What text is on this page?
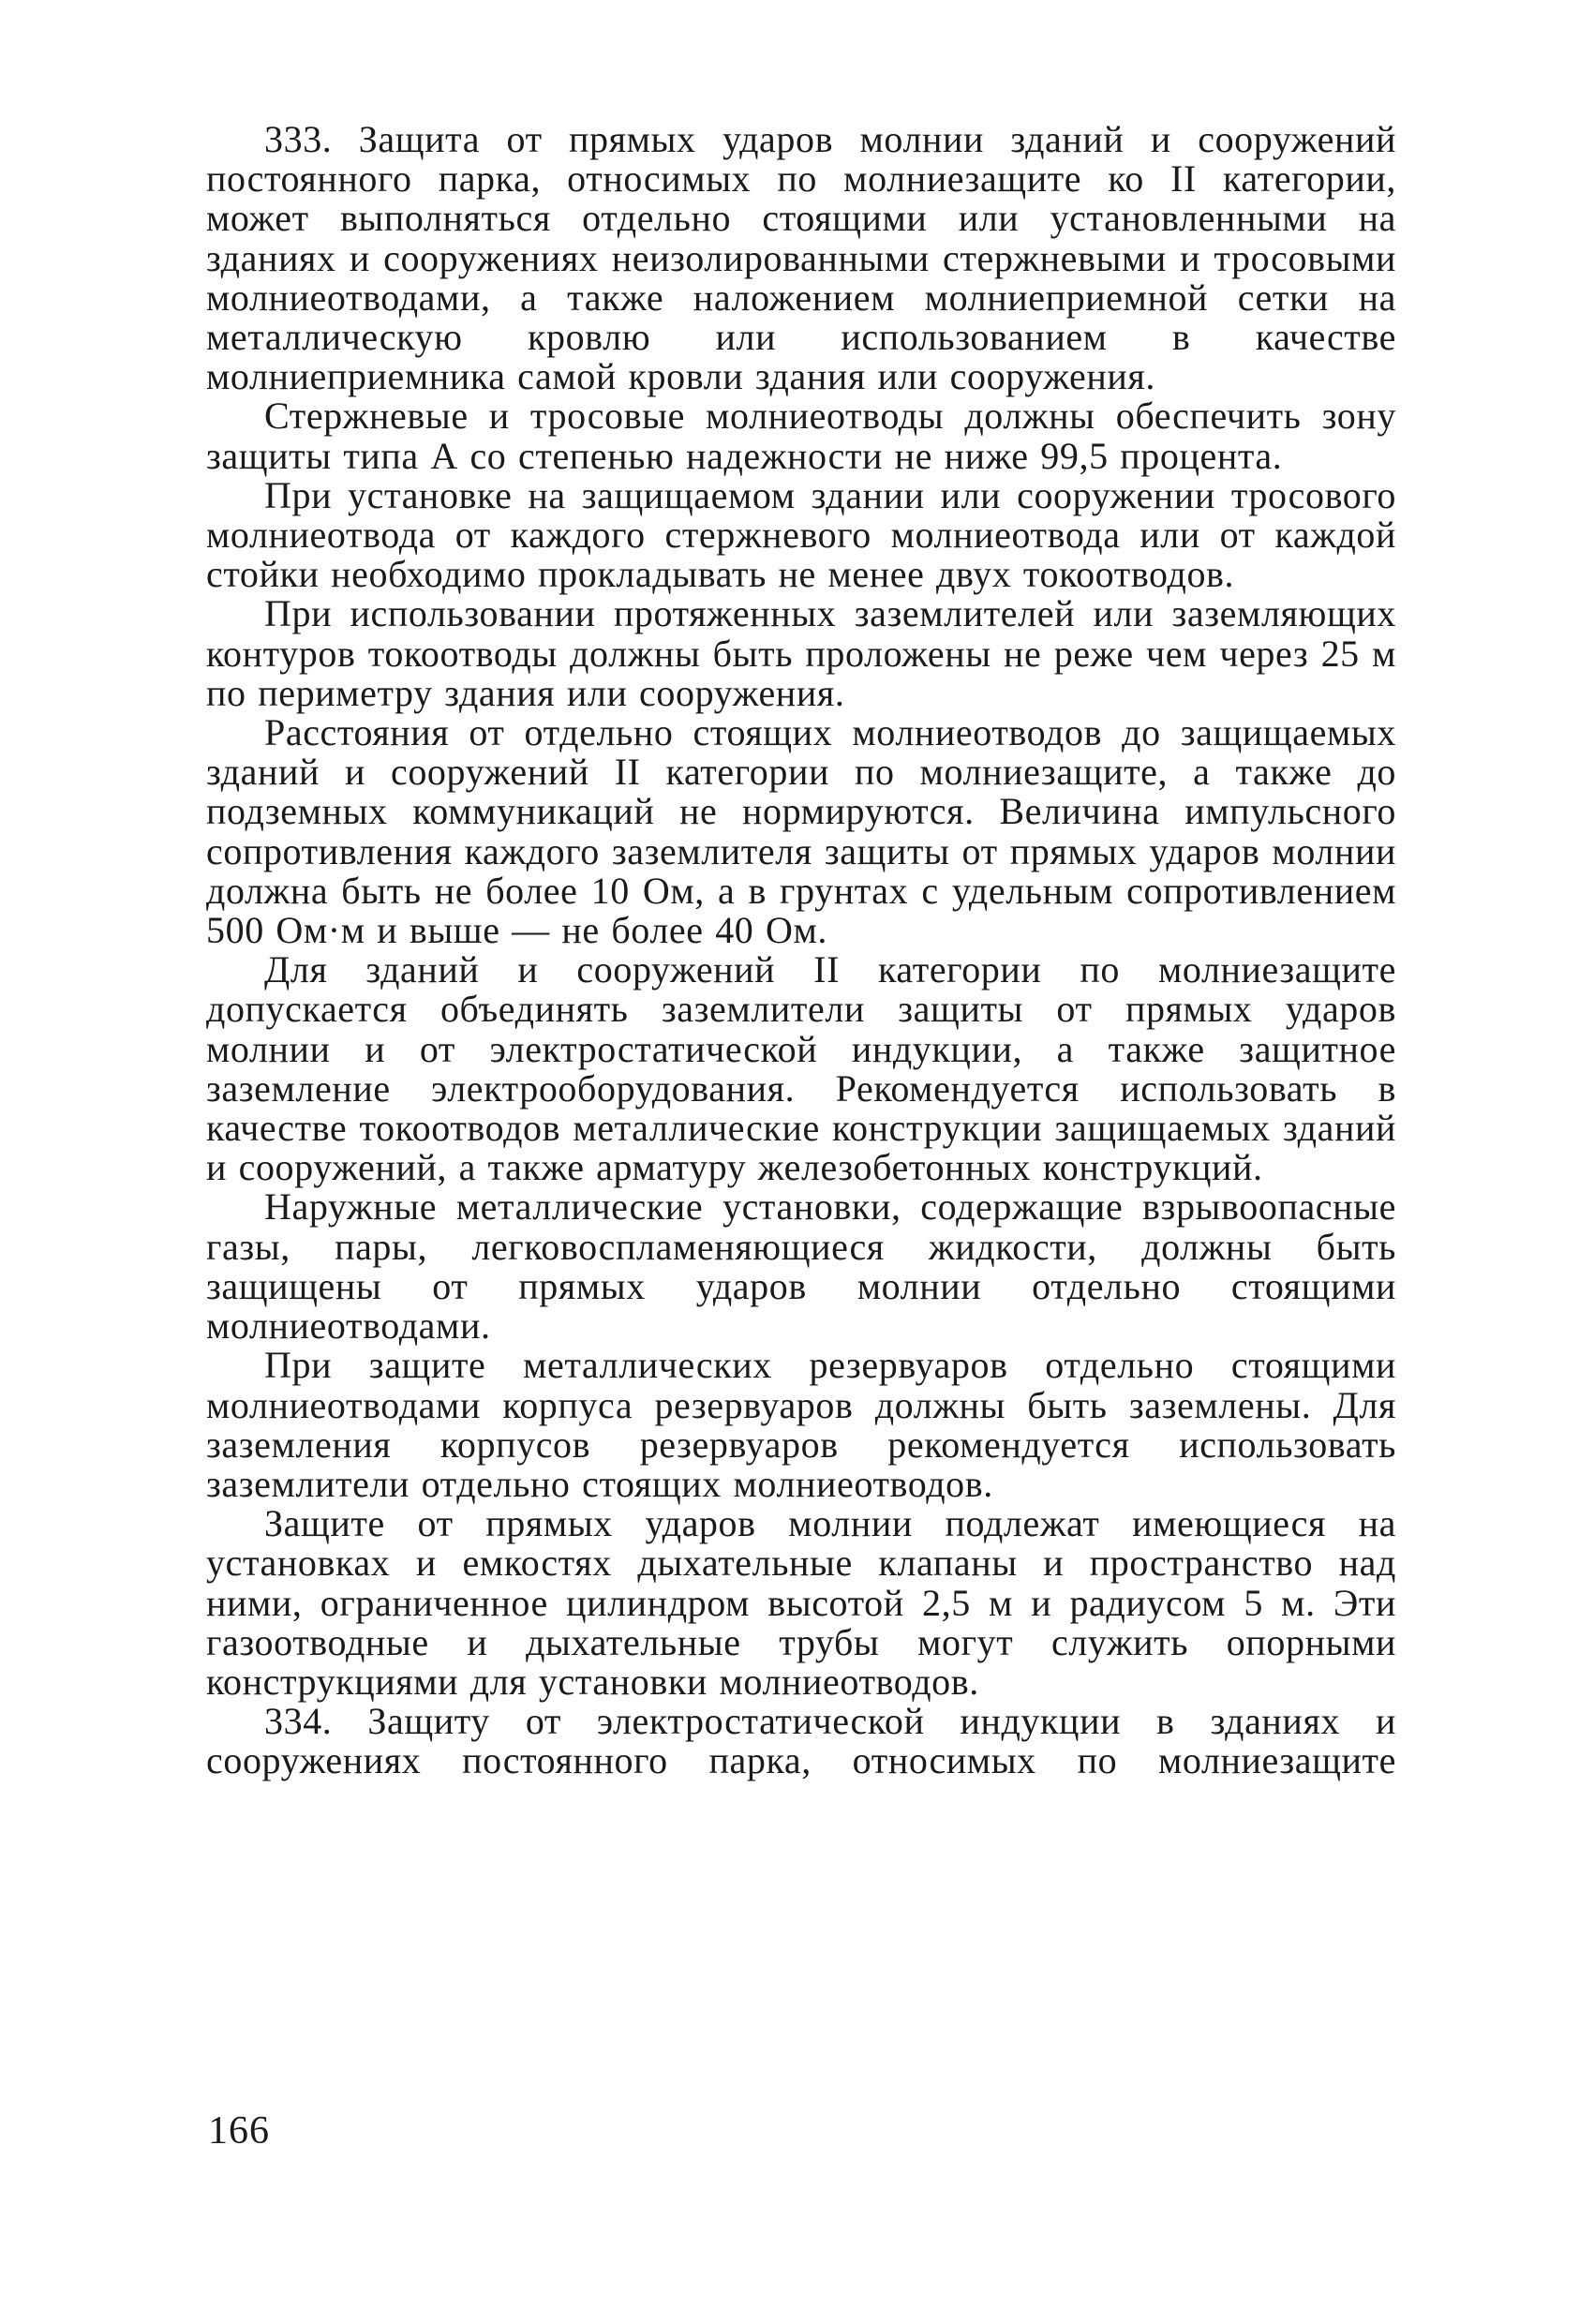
333. Защита от прямых ударов молнии зданий и сооружений постоянного парка, относимых по молниезащите ко II категории, может выполняться отдельно стоящими или установленными на зданиях и сооружениях неизолированными стержневыми и тросовыми молниеотводами, а также наложением молниеприемной сетки на металлическую кровлю или использованием в качестве молниеприемника самой кровли здания или сооружения.

Стержневые и тросовые молниеотводы должны обеспечить зону защиты типа А со степенью надежности не ниже 99,5 процента.

При установке на защищаемом здании или сооружении тросового молниеотвода от каждого стержневого молниеотвода или от каждой стойки необходимо прокладывать не менее двух токоотводов.

При использовании протяженных заземлителей или заземляющих контуров токоотводы должны быть проложены не реже чем через 25 м по периметру здания или сооружения.

Расстояния от отдельно стоящих молниеотводов до защищаемых зданий и сооружений II категории по молниезащите, а также до подземных коммуникаций не нормируются. Величина импульсного сопротивления каждого заземлителя защиты от прямых ударов молнии должна быть не более 10 Ом, а в грунтах с удельным сопротивлением 500 Ом·м и выше — не более 40 Ом.

Для зданий и сооружений II категории по молниезащите допускается объединять заземлители защиты от прямых ударов молнии и от электростатической индукции, а также защитное заземление электрооборудования. Рекомендуется использовать в качестве токоотводов металлические конструкции защищаемых зданий и сооружений, а также арматуру железобетонных конструкций.

Наружные металлические установки, содержащие взрывоопасные газы, пары, легковоспламеняющиеся жидкости, должны быть защищены от прямых ударов молнии отдельно стоящими молниеотводами.

При защите металлических резервуаров отдельно стоящими молниеотводами корпуса резервуаров должны быть заземлены. Для заземления корпусов резервуаров рекомендуется использовать заземлители отдельно стоящих молниеотводов.

Защите от прямых ударов молнии подлежат имеющиеся на установках и емкостях дыхательные клапаны и пространство над ними, ограниченное цилиндром высотой 2,5 м и радиусом 5 м. Эти газоотводные и дыхательные трубы могут служить опорными конструкциями для установки молниеотводов.

334. Защиту от электростатической индукции в зданиях и сооружениях постоянного парка, относимых по молниезащите

166
